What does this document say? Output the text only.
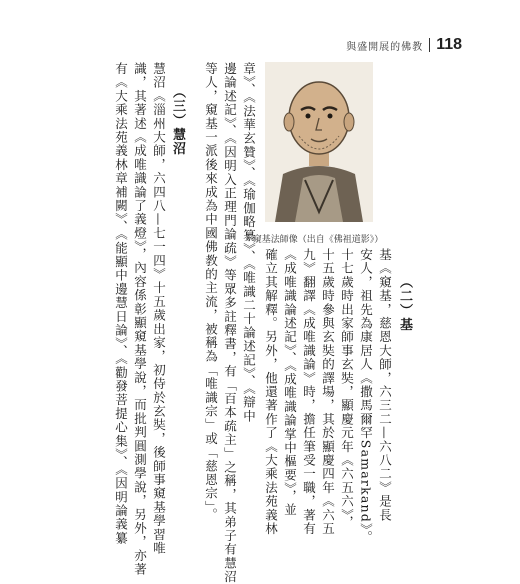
與盛開展的佛教 118
窺基法師像（出自《佛祖道影》）
（二）基
基《窺基，慈恩大師，六三二—六八二》是長
安人，祖先為康居人《撒馬爾罕Samarkand》。
十七歲時出家師事玄奘，顯慶元年《六五六》，
十五歲時參與玄奘的譯場，其於顯慶四年《六五
九》翻譯《成唯識論》時，擔任筆受一職，著有
《成唯識論述記》、《成唯識論掌中樞要》，並
確立其解釋。另外，他還著作了《大乘法苑義林
章》、《法華玄贊》、《瑜伽略纂》、《唯識二十論述記》、《辯中
邊論述記》、《因明入正理門論疏》等眾多註釋書，有「百本疏主」之稱，其弟子有慧沼
等人，窺基一派後來成為中國佛教的主流，被稱為「唯識宗」或「慈恩宗」。
（三）慧沼
慧沼《淄州大師，六四八—七一四》十五歲出家，初侍於玄奘，後師事窺基學習唯
識，其著述《成唯識論了義燈》，內容係彰顯窺基學說，而批判圓測學說，另外，亦著
有《大乘法苑義林章補闕》、《能顯中邊慧日論》、《勸發菩提心集》、《因明論義纂
